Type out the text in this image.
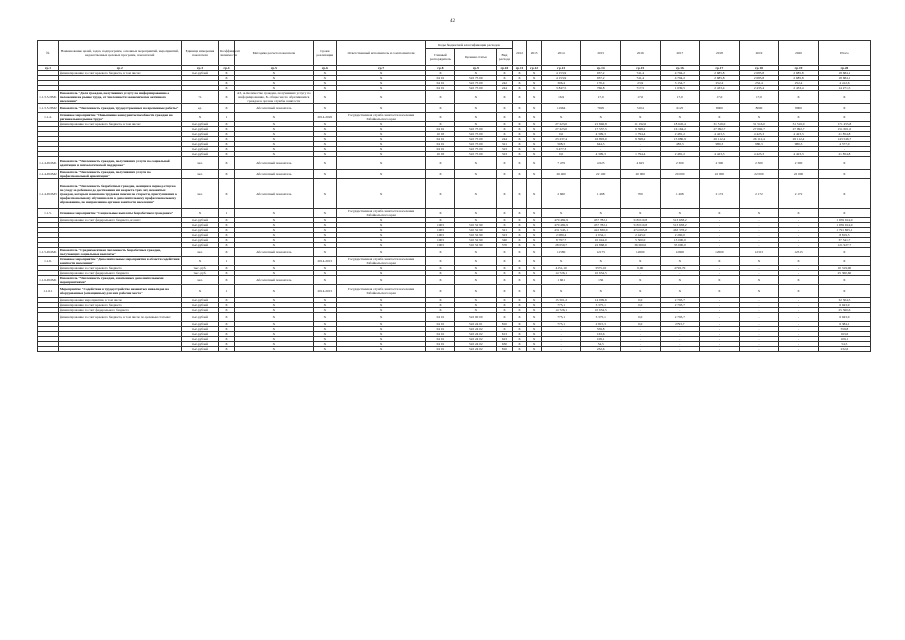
42
№	Наименование целей, задач, подпрограмм, основных мероприятий, мероприятий, ведомственных целевых программ, показателей	Единица измерения показателя	Коэффициент значимости	Методика расчета показателя	Сроки реализации	Ответственный исполнитель и соисполнители	Коды бюджетной классификации расходов			2012	2013	2014	2015	2016	2017	2018	2019	2020	Итого
							Главный распорядитель	Целевая статья	Вид расхода										
гр.1	гр.2	гр.3	гр.4	гр.5	гр.6	гр.7	гр.8	гр.9	гр.10	гр.11	гр.12	гр.13	гр.14	гр.15	гр.16	гр.17	гр.18	гр.19	гр.20
	финансирование за счет краевого бюджета, в том числе:	тыс.рублей	Х	Х	Х	Х	Х	Х	Х	Х	Х	4 153,9	937,2	741,4	4 794,2	2 685,8	2 685,8	2 685,8	18 684,1
			Х	Х	Х	Х	04 01	522 75 00	Х	Х	Х	4 153,9	937,2	741,4	4 794,2	2 685,8	2 685,8	2 685,8	18 684,1
			Х	Х	Х	Х	04 01	522 75 00	242	Х	Х	306,4	170,4	23,9	3 154,7	252,4	252,4	252,4	4 412,6
			Х	Х	Х	Х	04 01	522 75 00	244	Х	Х	3 847,5	766,8	717,5	1 639,5	2 433,4	2 433,4	2 433,4	14 271,5
1.1.3.5-ПМ1	Показатель "Доля граждан, получивших услугу по информированию о положении на рынке труда, от численности экономически активного населения"	%	Х	АЗ, А-Количество граждан, получивших услугу по информированию, Б- общее число обратившихся граждан в органы службы занятости	Х	Х	Х	Х	Х	Х	Х	16,9	17,0	17,0	17,0	17,0	17,0	Х	Х
1.1.3.5-ПМ2	Показатель "Численность граждан, трудоустроенных на временные работы"	ед.	Х	Абсолютный показатель	Х	Х	Х	Х	Х	Х	Х	11964	7695	5104	6125	8000	8000	8000	Х
1.1.4.	Основное мероприятие "Повышение конкурентоспособности граждан на региональном рынке труда"	Х	1	Х	2014-2020	Государственная служба занятости населения Забайкальского края	Х	Х	Х	Х	Х	Х	Х	Х	Х	Х	Х	Х	Х
	финансирование за счет краевого бюджета, в том числе:	тыс.рублей	Х	Х	Х	Х	Х	Х	Х	Х	Х	27 223,0	21 846,8	11 192,6	18 645,4	31 516,0	31 516,0	31 516,0	171 455,8
		тыс.рублей	Х	Х	Х	Х	04 01	522 75 00	Х	Х	Х	27 223,0	17 537,5	9 398,2	16 164,2	27 092,7	27 092,7	27 092,7	151 601,0
		тыс.рублей	Х	Х	Х	Х	10 03	522 75 00	Х	Х	Х	0,0	4 309,3	1 794,4	2 481,2	4 423,3	4 423,3	4 423,3	21 854,8
		тыс.рублей	Х	Х	Х	Х	04 01	522 75 00	244	Х	Х	23 237,4	16 893,0	9 398,2	15 680,9	26 112,4	26 112,4	26 112,4	143 546,7
		тыс.рублей	Х	Х	Х	Х	04 01	522 75 00	321	Х	Х	508,3	644,5	-	483,3	980,3	980,3	980,3	4 577,0
		тыс.рублей	Х	Х	Х	Х	04 01	522 75 00	323	Х	Х	3 477,3	-	-	-	-	-	-	-
		тыс.рублей	Х	Х	Х	Х	10 03	522 75 00	323	Х	Х	0,0	4 309,3	1 794,4	2 481,2	4 423,3	4 423,3	4 423,3	21 854,8
1.1.4-ПОМ1	Показатель "Численность граждан, получивших услуги по социальной адаптации и психологической поддержке"	чел.	Х	Абсолютный показатель	Х	Х	Х	Х	Х	Х	Х	7 479	4 625	4 625	2 300	2 300	2 300	2 300	Х
1.1.4-ПОМ2	Показатель "Численность граждан, получивших услуги по профессиональной ориентации"	чел.	Х	Абсолютный показатель	Х	Х	Х	Х	Х	Х	Х	26 400	22 100	20 000	20 000	22 000	22 000	22 000	Х
1.1.4-ПОМ3	Показатель "Численность безработных граждан, женщин в период отпуска по уходу за ребенком до достижения им возраста трех лет, незанятых граждан, которым назначена трудовая пенсия по старости, приступивших к профессиональному обучению или к дополнительному профессиональному образованию, по направлению органов занятости населения"	чел.	Х	Абсолютный показатель	Х	Х	Х	Х	Х	Х	Х	2 660	1 468	700	1 468	2 172	2 172	2 172	Х
1.1.5.	Основное мероприятие "Социальные выплаты безработным гражданам"	Х	1	Х	Х	Государственная служба занятости населения Забайкальского края	Х	Х	Х	Х	Х	Х	Х	Х	Х	Х	Х	Х	Х
	финансирование за счет федерального бюджета, из них:	тыс.рублей	Х	Х	Х	Х	Х	Х	Х	Х	Х	470 482,9	457 782,1	518 010,8	513 638,2	-	-	-	1 959 914,0
		тыс.рублей	Х	Х	Х	Х	1003	510 52 90	Х	Х	Х	470 482,9	457 782,1	518 010,8	513 638,2	-	-	-	1 959 914,0
		тыс.рублей	Х	Х	Х	Х	1003	510 52 90	321	Х	Х	431 545,1	422 836,0	474 065,8	463 378,2	-	-	-	1 791 825,1
		тыс.рублей	Х	Х	Х	Х	1003	510 52 90	323	Х	Х	2 080,4	2 034,1	2 445,0	2 260,0	-	-	-	8 819,5
		тыс.рублей	Х	Х	Х	Х	1003	510 52 90	340	Х	Х	8 797,7	10 044,0	5 500,0	13 000,0	-	-	-	37 341,7
		тыс.рублей	Х	Х	Х	Х	1003	510 52 90	570	Х	Х	28 059,7	22 868,0	36 000,0	35 000,0	-	-	-	121 927,7
1.1.5-ПОМ1	Показатель "Среднемесячная численность безработных граждан, получающих социальные выплаты"	чел.	Х	Абсолютный показатель	Х	Х	Х	Х	Х	Х	Х	11580	12175	12600	12600	12600	12315	12315	Х
1.1.6.	Основное мероприятие "Дополнительные мероприятия в области содействия занятости населения"	Х	1	Х	2014-2015	Государственная служба занятости населения Забайкальского края	Х	Х	Х	Х	Х	Х	Х	Х	Х	Х	Х	Х	Х
	финансирование за счет краевого бюджета	тыс. руб.	Х	Х	Х	Х	Х	Х	Х	Х	Х	4151,10	3375,10	0,00	2793,70	-	-	-	10 319,90
	финансирование за счет федерального бюджета	тыс. руб.	Х	Х	Х	Х	Х	Х	Х	Х	Х	14 726,1	10 634,5	-	-	-	-	-	25 360,60
1.1.6-ПОМ1	Показатель "Численность граждан, охваченных дополнительными мероприятиями"	чел.	Х	Абсолютный показатель	Х	Х	Х	Х	Х	Х	Х	1 661	156	Х	Х	Х	Х	Х	Х
1.1.6.1	Мероприятие "Содействие в трудоустройстве незанятых инвалидов на оборудованные (оснащенные) для них рабочие места"	Х	1	Х	2014-2015	Государственная служба занятости населения Забайкальского края	Х	Х	Х	Х	Х	Х	Х	Х	Х	Х	Х	Х	Х
	финансирование мероприятия, в том числе	тыс.рублей	Х	Х	Х	Х	Х	Х	Х	Х	Х	15 501,2	14 009,6	0,0	2 793,7	-	-	-	32 304,5
	финансирование за счет краевого бюджета	тыс.рублей	Х	Х	Х	Х	Х	Х	Х	Х	Х	775,1	3 375,1	0,0	2 793,7	-	-	-	6 943,9
	финансирование за счет федерального бюджета	тыс.рублей	Х	Х	Х	Х	Х	Х	Х	Х	Х	14 726,1	10 634,5	-	-	-	-	-	25 360,6
	финансирование за счет краевого бюджета, в том числе по целевым статьям:	тыс.рублей	Х	Х	Х	Х	04 01	522 00 00	Х	Х	Х	775,1	3 375,1	0,0	2 793,7	-	-	-	6 943,9
		тыс.рублей	Х	Х	Х	Х	04 01	522 24 01	810	Х	Х	775,1	2 815,3	0,0	2793,7	-	-	-	6 384,1
		тыс.рублей	Х	Х	Х	Х	04 01	522 24 02	Х	Х	Х	-	559,8	-	-	-	-	-	559,8
		тыс.рублей	Х	Х	Х	Х	04 01	522 24 02	613	Х	Х	-	163,6	-	-	-	-	-	163,6
		тыс.рублей	Х	Х	Х	Х	04 01	522 24 02	623	Х	Х	-	109,1	-	-	-	-	-	109,1
		тыс.рублей	Х	Х	Х	Х	04 01	522 24 02	630	Х	Х	-	54,5	-	-	-	-	-	54,5
		тыс.рублей	Х	Х	Х	Х	04 01	522 24 02	810	Х	Х	-	232,6	-	-	-	-	-	232,6
